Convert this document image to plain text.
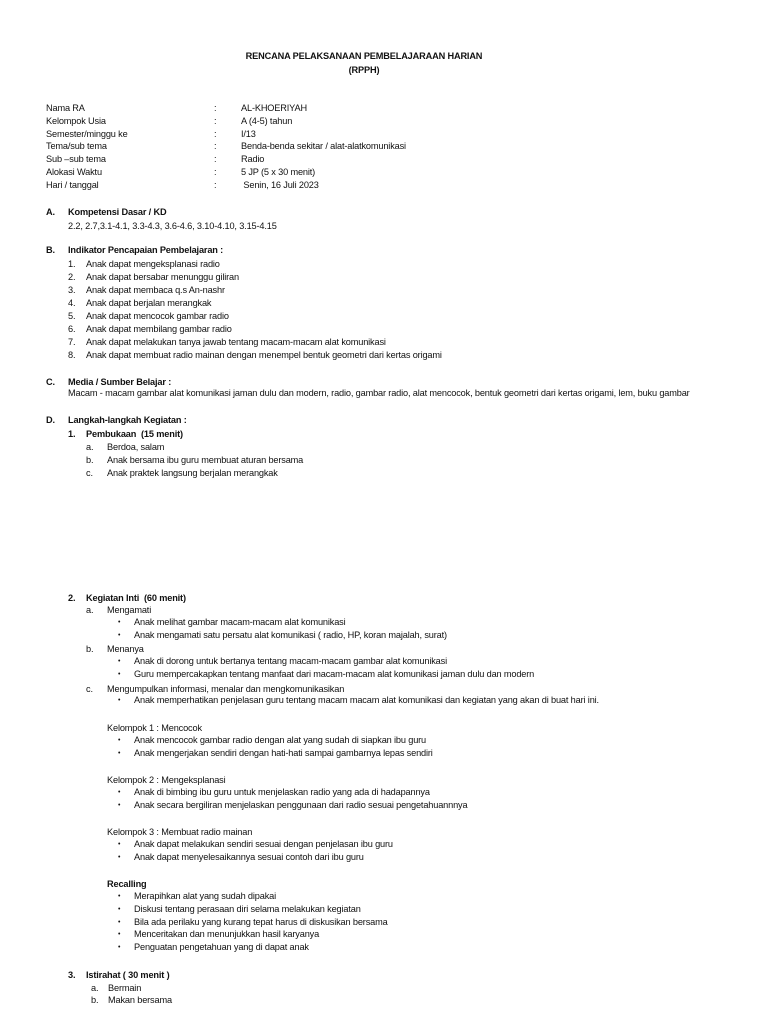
RENCANA PELAKSANAAN PEMBELAJARAAN HARIAN
(RPPH)
Nama RA	:	AL-KHOERIYAH
Kelompok Usia	:	A (4-5) tahun
Semester/minggu ke	:	I/13
Tema/sub tema	:	Benda-benda sekitar / alat-alatkomunikasi
Sub –sub tema	:	Radio
Alokasi Waktu	:	5 JP (5 x 30 menit)
Hari / tanggal	:	Senin, 16 Juli 2023
A. Kompetensi Dasar / KD
2.2, 2.7,3.1-4.1, 3.3-4.3, 3.6-4.6, 3.10-4.10, 3.15-4.15
B. Indikator Pencapaian Pembelajaran :
1. Anak dapat mengeksplanasi radio
2. Anak dapat bersabar menunggu giliran
3. Anak dapat membaca q.s An-nashr
4. Anak dapat berjalan merangkak
5. Anak dapat mencocok gambar radio
6. Anak dapat membilang gambar radio
7. Anak dapat melakukan tanya jawab tentang macam-macam alat komunikasi
8. Anak dapat membuat radio mainan dengan menempel bentuk geometri dari kertas origami
C. Media / Sumber Belajar :
Macam - macam gambar alat komunikasi jaman dulu dan modern, radio, gambar radio, alat mencocok, bentuk geometri dari kertas origami, lem, buku gambar
D. Langkah-langkah Kegiatan :
1. Pembukaan  (15 menit)
a. Berdoa, salam
b. Anak bersama ibu guru membuat aturan bersama
c. Anak praktek langsung berjalan merangkak
2. Kegiatan Inti  (60 menit)
a. Mengamati
• Anak melihat gambar macam-macam alat komunikasi
• Anak mengamati satu persatu alat komunikasi ( radio, HP, koran majalah, surat)
b. Menanya
• Anak di dorong untuk bertanya tentang macam-macam gambar alat komunikasi
• Guru mempercakapkan tentang manfaat dari macam-macam alat komunikasi jaman dulu dan modern
c. Mengumpulkan informasi, menalar dan mengkomunikasikan
• Anak memperhatikan penjelasan guru tentang macam macam alat komunikasi dan kegiatan yang akan di buat hari ini.
Kelompok 1 : Mencocok
• Anak mencocok gambar radio dengan alat yang sudah di siapkan ibu guru
• Anak mengerjakan sendiri dengan hati-hati sampai gambarnya lepas sendiri
Kelompok 2 : Mengeksplanasi
• Anak di bimbing ibu guru untuk menjelaskan radio yang ada di hadapannya
• Anak secara bergiliran menjelaskan penggunaan dari radio sesuai pengetahuannnya
Kelompok 3 : Membuat radio mainan
• Anak dapat melakukan sendiri sesuai dengan penjelasan ibu guru
• Anak dapat menyelesaikannya sesuai contoh dari ibu guru
Recalling
• Merapihkan alat yang sudah dipakai
• Diskusi tentang perasaan diri selama melakukan kegiatan
• Bila ada perilaku yang kurang tepat harus di diskusikan bersama
• Menceritakan dan menunjukkan hasil karyanya
• Penguatan pengetahuan yang di dapat anak
3. Istirahat ( 30 menit )
a. Bermain
b. Makan bersama
